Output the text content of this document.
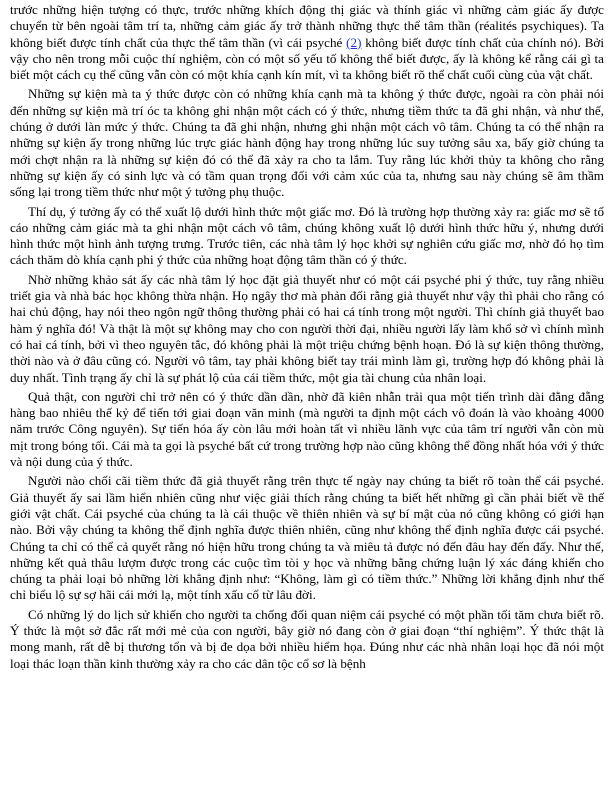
trước những hiện tượng có thực, trước những khích động thị giác và thính giác vì những cảm giác ấy được chuyển từ bên ngoài tâm trí ta, những cảm giác ấy trở thành những thực thể tâm thần (réalités psychiques). Ta không biết được tính chất của thực thể tâm thần (vì cái psyché (2) không biết được tính chất của chính nó). Bởi vậy cho nên trong mỗi cuộc thí nghiệm, còn có một số yếu tố không thể biết được, ấy là không kể rằng cái gì ta biết một cách cụ thể cũng vẫn còn có một khía cạnh kín mít, vì ta không biết rõ thể chất cuối cùng của vật chất.

Những sự kiện mà ta ý thức được còn có những khía cạnh mà ta không ý thức được, ngoài ra còn phải nói đến những sự kiện mà trí óc ta không ghi nhận một cách có ý thức, nhưng tiềm thức ta đã ghi nhận, và như thế, chúng ở dưới làn mức ý thức. Chúng ta đã ghi nhận, nhưng ghi nhận một cách vô tâm. Chúng ta có thể nhận ra những sự kiện ấy trong những lúc trực giác hành động hay trong những lúc suy tưởng sâu xa, bấy giờ chúng ta mới chợt nhận ra là những sự kiện đó có thể đã xảy ra cho ta lắm. Tuy rằng lúc khởi thủy ta không cho rằng những sự kiện ấy có sinh lực và có tầm quan trọng đối với cảm xúc của ta, nhưng sau này chúng sẽ âm thầm sống lại trong tiềm thức như một ý tưởng phụ thuộc.

Thí dụ, ý tưởng ấy có thể xuất lộ dưới hình thức một giấc mơ. Đó là trường hợp thường xảy ra: giấc mơ sẽ tố cáo những cảm giác mà ta ghi nhận một cách vô tâm, chúng không xuất lộ dưới hình thức hữu ý, nhưng dưới hình thức một hình ảnh tượng trưng. Trước tiên, các nhà tâm lý học khởi sự nghiên cứu giấc mơ, nhờ đó họ tìm cách thăm dò khía cạnh phi ý thức của những hoạt động tâm thần có ý thức.

Nhờ những khảo sát ấy các nhà tâm lý học đặt giả thuyết như có một cái psyché phi ý thức, tuy rằng nhiều triết gia và nhà bác học không thừa nhận. Họ ngây thơ mà phản đối rằng giả thuyết như vậy thì phải cho rằng có hai chủ động, hay nói theo ngôn ngữ thông thường phải có hai cá tính trong một người. Thì chính giả thuyết bao hàm ý nghĩa đó! Và thật là một sự không may cho con người thời đại, nhiều người lấy làm khổ sở vì chính mình có hai cá tính, bởi vì theo nguyên tắc, đó không phải là một triệu chứng bệnh hoạn. Đó là sự kiện thông thường, thời nào và ở đâu cũng có. Người vô tâm, tay phải không biết tay trái mình làm gì, trường hợp đó không phải là duy nhất. Tình trạng ấy chỉ là sự phát lộ của cái tiềm thức, một gia tài chung của nhân loại.

Quả thật, con người chỉ trở nên có ý thức dần dần, nhờ đã kiên nhẫn trải qua một tiến trình dài đằng đẵng hàng bao nhiêu thế kỷ để tiến tới giai đoạn văn minh (mà người ta định một cách vô đoán là vào khoảng 4000 năm trước Công nguyên). Sự tiến hóa ấy còn lâu mới hoàn tất vì nhiều lãnh vực của tâm trí người vẫn còn mù mịt trong bóng tối. Cái mà ta gọi là psyché bất cứ trong trường hợp nào cũng không thể đồng nhất hóa với ý thức và nội dung của ý thức.

Người nào chối cãi tiềm thức đã giả thuyết rằng trên thực tế ngày nay chúng ta biết rõ toàn thể cái psyché. Giả thuyết ấy sai lầm hiển nhiên cũng như việc giải thích rằng chúng ta biết hết những gì cần phải biết về thế giới vật chất. Cái psyché của chúng ta là cái thuộc về thiên nhiên và sự bí mật của nó cũng không có giới hạn nào. Bởi vậy chúng ta không thể định nghĩa được thiên nhiên, cũng như không thể định nghĩa được cái psyché. Chúng ta chỉ có thể cả quyết rằng nó hiện hữu trong chúng ta và miêu tả được nó đến đâu hay đến đấy. Như thế, những kết quả thâu lượm được trong các cuộc tìm tòi y học và những bằng chứng luận lý xác đáng khiến cho chúng ta phải loại bỏ những lời khẳng định như: “Không, làm gì có tiềm thức.” Những lời khẳng định như thế chỉ biểu lộ sự sợ hãi cái mới lạ, một tính xấu cổ từ lâu đời.

Có những lý do lịch sử khiến cho người ta chống đối quan niệm cái psyché có một phần tối tăm chưa biết rõ. Ý thức là một sở đắc rất mới mẻ của con người, bây giờ nó đang còn ở giai đoạn “thí nghiệm”. Ý thức thật là mong manh, rất dễ bị thương tổn và bị đe dọa bởi nhiều hiểm họa. Đúng như các nhà nhân loại học đã nói một loại thác loạn thần kinh thường xảy ra cho các dân tộc cổ sơ là bệnh
